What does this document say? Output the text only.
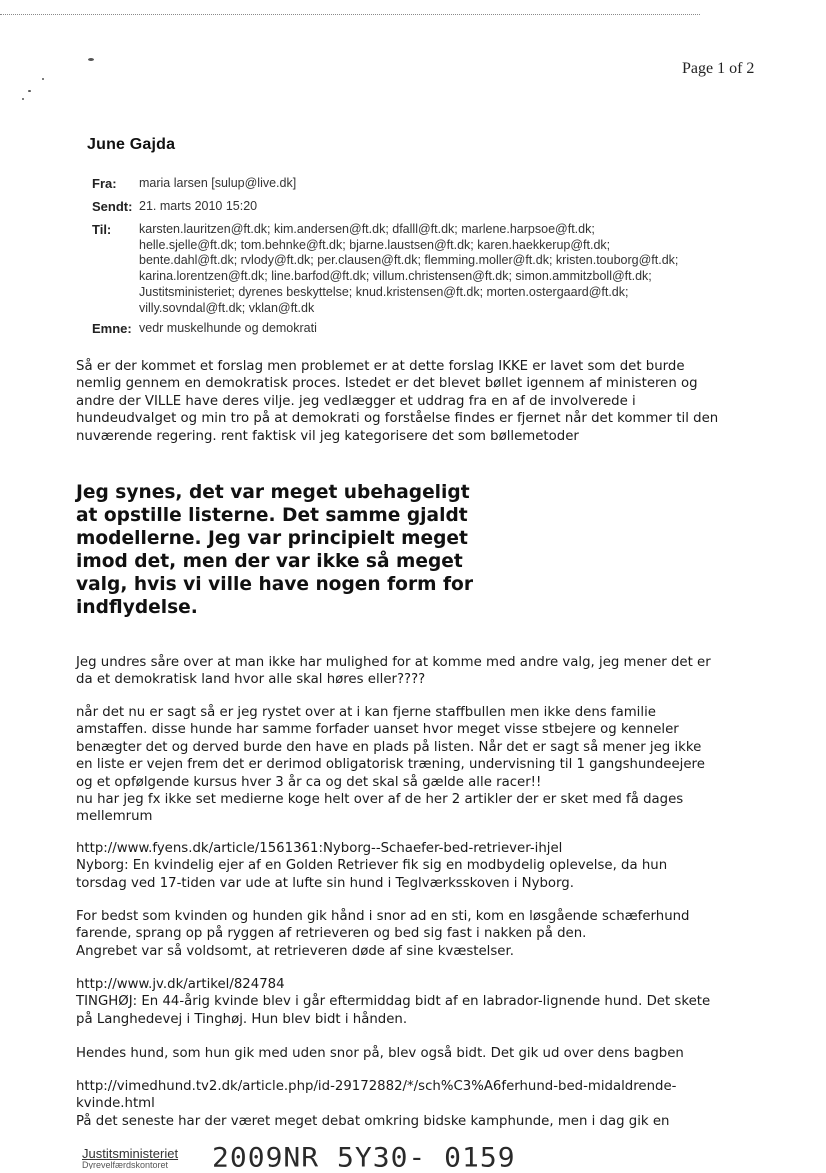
Page 1 of 2
June Gajda
Fra: maria larsen [sulup@live.dk]
Sendt: 21. marts 2010 15:20
Til: karsten.lauritzen@ft.dk; kim.andersen@ft.dk; dfalll@ft.dk; marlene.harpsoe@ft.dk;
helle.sjelle@ft.dk; tom.behnke@ft.dk; bjarne.laustsen@ft.dk; karen.haekkerup@ft.dk;
bente.dahl@ft.dk; rvlody@ft.dk; per.clausen@ft.dk; flemming.moller@ft.dk; kristen.touborg@ft.dk;
karina.lorentzen@ft.dk; line.barfod@ft.dk; villum.christensen@ft.dk; simon.ammitzboll@ft.dk;
Justitsministeriet; dyrenes beskyttelse; knud.kristensen@ft.dk; morten.ostergaard@ft.dk;
villy.sovndal@ft.dk; vklan@ft.dk
Emne: vedr muskelhunde og demokrati
Så er der kommet et forslag men problemet er at dette forslag IKKE er lavet som det burde
nemlig gennem en demokratisk proces. Istedet er det blevet bøllet igennem af ministeren og
andre der VILLE have deres vilje. jeg vedlægger et uddrag fra en af de involverede i
hundeudvalget og min tro på at demokrati og forståelse findes er fjernet når det kommer til den
nuværende regering. rent faktisk vil jeg kategorisere det som bøllemetoder
Jeg synes, det var meget ubehageligt
at opstille listerne. Det samme gjaldt
modellerne. Jeg var principielt meget
imod det, men der var ikke så meget
valg, hvis vi ville have nogen form for
indflydelse.
Jeg undres såre over at man ikke har mulighed for at komme med andre valg, jeg mener det er
da et demokratisk land hvor alle skal høres eller????
når det nu er sagt så er jeg rystet over at i kan fjerne staffbullen men ikke dens familie
amstaffen. disse hunde har samme forfader uanset hvor meget visse stbejere og kenneler
benægter det og derved burde den have en plads på listen. Når det er sagt så mener jeg ikke
en liste er vejen frem det er derimod obligatorisk træning, undervisning til 1 gangshundeejere
og et opfølgende kursus hver 3 år ca og det skal så gælde alle racer!!
nu har jeg fx ikke set medierne koge helt over af de her 2 artikler der er sket med få dages
mellemrum
http://www.fyens.dk/article/1561361:Nyborg--Schaefer-bed-retriever-ihjel
Nyborg: En kvindelig ejer af en Golden Retriever fik sig en modbydelig oplevelse, da hun
torsdag ved 17-tiden var ude at lufte sin hund i Teglværksskoven i Nyborg.
For bedst som kvinden og hunden gik hånd i snor ad en sti, kom en løsgående schæferhund
farende, sprang op på ryggen af retrieveren og bed sig fast i nakken på den.
Angrebet var så voldsomt, at retrieveren døde af sine kvæstelser.
http://www.jv.dk/artikel/824784
TINGHØJ: En 44-årig kvinde blev i går eftermiddag bidt af en labrador-lignende hund. Det skete
på Langhedevej i Tinghøj. Hun blev bidt i hånden.
Hendes hund, som hun gik med uden snor på, blev også bidt. Det gik ud over dens bagben
http://vimedhund.tv2.dk/article.php/id-29172882/*/sch%C3%A6ferhund-bed-midaldrende-
kvinde.html
På det seneste har der været meget debat omkring bidske kamphunde, men i dag gik en
Justitsministeriet
Dyrevelfærdskontoret	2009NR 5Y30- 0159
